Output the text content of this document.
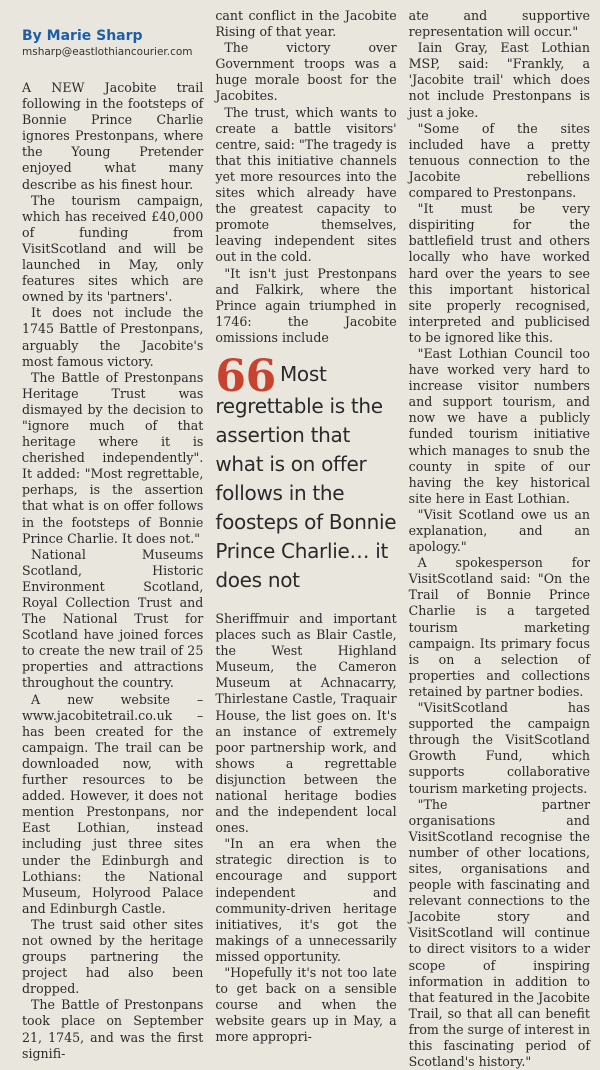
By Marie Sharp
msharp@eastlothiancourier.com

A NEW Jacobite trail following in the footsteps of Bonnie Prince Charlie ignores Prestonpans, where the Young Pretender enjoyed what many describe as his finest hour.

The tourism campaign, which has received £40,000 of funding from VisitScotland and will be launched in May, only features sites which are owned by its 'partners'.

It does not include the 1745 Battle of Prestonpans, arguably the Jacobite's most famous victory.

The Battle of Prestonpans Heritage Trust was dismayed by the decision to "ignore much of that heritage where it is cherished independently". It added: "Most regrettable, perhaps, is the assertion that what is on offer follows in the footsteps of Bonnie Prince Charlie. It does not."

National Museums Scotland, Historic Environment Scotland, Royal Collection Trust and The National Trust for Scotland have joined forces to create the new trail of 25 properties and attractions throughout the country.

A new website – www.jacobitetrail.co.uk – has been created for the campaign. The trail can be downloaded now, with further resources to be added. However, it does not mention Prestonpans, nor East Lothian, instead including just three sites under the Edinburgh and Lothians: the National Museum, Holyrood Palace and Edinburgh Castle.

The trust said other sites not owned by the heritage groups partnering the project had also been dropped.

The Battle of Prestonpans took place on September 21, 1745, and was the first signifi-

cant conflict in the Jacobite Rising of that year.

The victory over Government troops was a huge morale boost for the Jacobites.

The trust, which wants to create a battle visitors' centre, said: "The tragedy is that this initiative channels yet more resources into the sites which already have the greatest capacity to promote themselves, leaving independent sites out in the cold.

"It isn't just Prestonpans and Falkirk, where the Prince again triumphed in 1746: the Jacobite omissions include

66 Most regrettable is the assertion that what is on offer follows in the foosteps of Bonnie Prince Charlie… it does not

Sheriffmuir and important places such as Blair Castle, the West Highland Museum, the Cameron Museum at Achnacarry, Thirlestane Castle, Traquair House, the list goes on. It's an instance of extremely poor partnership work, and shows a regrettable disjunction between the national heritage bodies and the independent local ones.

"In an era when the strategic direction is to encourage and support independent and community-driven heritage initiatives, it's got the makings of a unnecessarily missed opportunity.

"Hopefully it's not too late to get back on a sensible course and when the website gears up in May, a more appropri-

ate and supportive representation will occur."

Iain Gray, East Lothian MSP, said: "Frankly, a 'Jacobite trail' which does not include Prestonpans is just a joke.

"Some of the sites included have a pretty tenuous connection to the Jacobite rebellions compared to Prestonpans.

"It must be very dispiriting for the battlefield trust and others locally who have worked hard over the years to see this important historical site properly recognised, interpreted and publicised to be ignored like this.

"East Lothian Council too have worked very hard to increase visitor numbers and support tourism, and now we have a publicly funded tourism initiative which manages to snub the county in spite of our having the key historical site here in East Lothian.

"Visit Scotland owe us an explanation, and an apology."

A spokesperson for VisitScotland said: "On the Trail of Bonnie Prince Charlie is a targeted tourism marketing campaign. Its primary focus is on a selection of properties and collections retained by partner bodies.

"VisitScotland has supported the campaign through the VisitScotland Growth Fund, which supports collaborative tourism marketing projects.

"The partner organisations and VisitScotland recognise the number of other locations, sites, organisations and people with fascinating and relevant connections to the Jacobite story and VisitScotland will continue to direct visitors to a wider scope of inspiring information in addition to that featured in the Jacobite Trail, so that all can benefit from the surge of interest in this fascinating period of Scotland's history."
